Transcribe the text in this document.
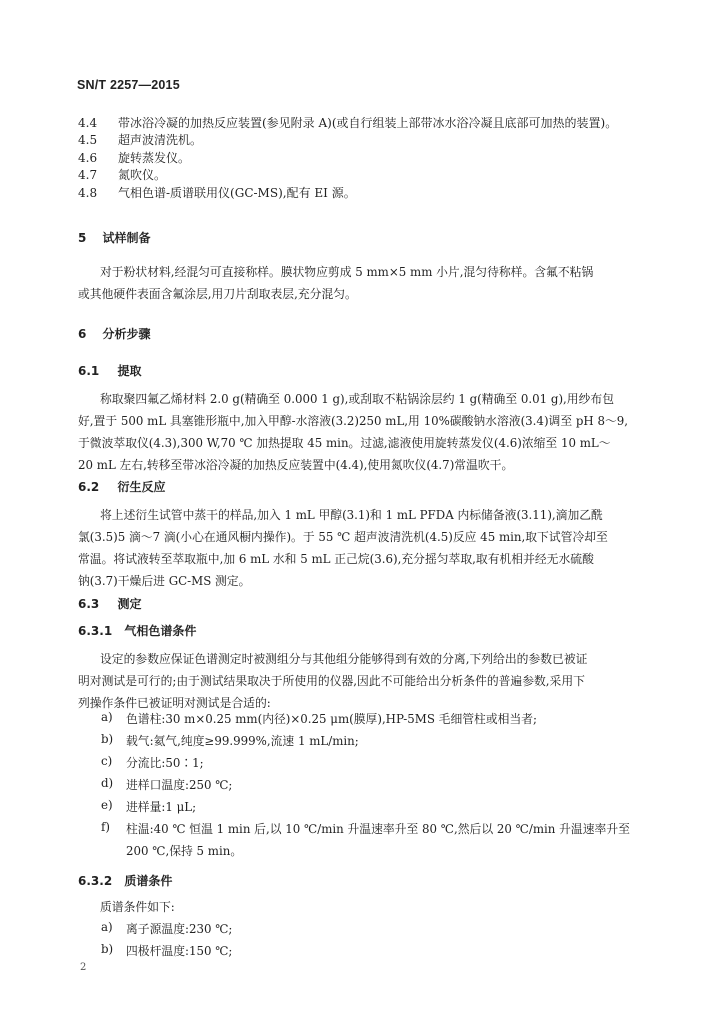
SN/T 2257—2015
4.4 带冰浴冷凝的加热反应装置(参见附录 A)(或自行组装上部带冰水浴冷凝且底部可加热的装置)。
4.5 超声波清洗机。
4.6 旋转蒸发仪。
4.7 氮吹仪。
4.8 气相色谱-质谱联用仪(GC-MS),配有 EI 源。
5 试样制备
对于粉状材料,经混匀可直接称样。膜状物应剪成 5 mm×5 mm 小片,混匀待称样。含氟不粘锅
或其他硬件表面含氟涂层,用刀片刮取表层,充分混匀。
6 分析步骤
6.1 提取
称取聚四氟乙烯材料 2.0 g(精确至 0.000 1 g),或刮取不粘锅涂层约 1 g(精确至 0.01 g),用纱布包
好,置于 500 mL 具塞锥形瓶中,加入甲醇-水溶液(3.2)250 mL,用 10%碳酸钠水溶液(3.4)调至 pH 8～9,
于微波萃取仪(4.3),300 W,70 ℃ 加热提取 45 min。过滤,滤液使用旋转蒸发仪(4.6)浓缩至 10 mL～
20 mL 左右,转移至带冰浴冷凝的加热反应装置中(4.4),使用氮吹仪(4.7)常温吹干。
6.2 衍生反应
将上述衍生试管中蒸干的样品,加入 1 mL 甲醇(3.1)和 1 mL PFDA 内标储备液(3.11),滴加乙酰
氯(3.5)5 滴～7 滴(小心在通风橱内操作)。于 55 ℃ 超声波清洗机(4.5)反应 45 min,取下试管冷却至
常温。将试液转至萃取瓶中,加 6 mL 水和 5 mL 正己烷(3.6),充分摇匀萃取,取有机相并经无水硫酸
钠(3.7)干燥后进 GC-MS 测定。
6.3 测定
6.3.1 气相色谱条件
设定的参数应保证色谱测定时被测组分与其他组分能够得到有效的分离,下列给出的参数已被证
明对测试是可行的;由于测试结果取决于所使用的仪器,因此不可能给出分析条件的普遍参数,采用下
列操作条件已被证明对测试是合适的:
a) 色谱柱:30 m×0.25 mm(内径)×0.25 μm(膜厚),HP-5MS 毛细管柱或相当者;
b) 载气:氦气,纯度≥99.999%,流速 1 mL/min;
c) 分流比:50∶1;
d) 进样口温度:250 ℃;
e) 进样量:1 μL;
f) 柱温:40 ℃ 恒温 1 min 后,以 10 ℃/min 升温速率升至 80 ℃,然后以 20 ℃/min 升温速率升至
200 ℃,保持 5 min。
6.3.2 质谱条件
质谱条件如下:
a) 离子源温度:230 ℃;
b) 四极杆温度:150 ℃;
2
